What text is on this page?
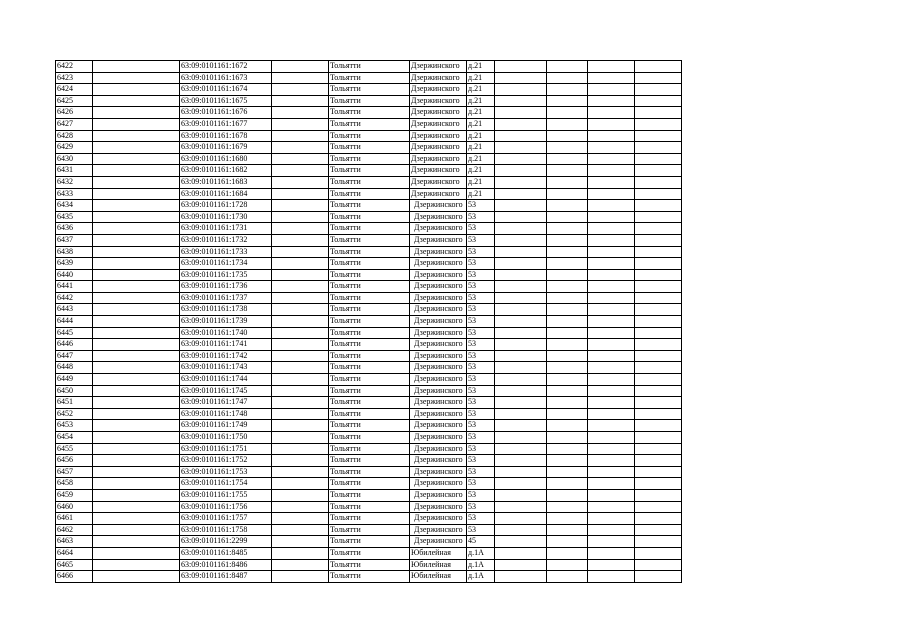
6422		63:09:0101161:1672		Тольятти	Дзержинского	д.21				
6423		63:09:0101161:1673		Тольятти	Дзержинского	д.21				
6424		63:09:0101161:1674		Тольятти	Дзержинского	д.21				
6425		63:09:0101161:1675		Тольятти	Дзержинского	д.21				
6426		63:09:0101161:1676		Тольятти	Дзержинского	д.21				
6427		63:09:0101161:1677		Тольятти	Дзержинского	д.21				
6428		63:09:0101161:1678		Тольятти	Дзержинского	д.21				
6429		63:09:0101161:1679		Тольятти	Дзержинского	д.21				
6430		63:09:0101161:1680		Тольятти	Дзержинского	д.21				
6431		63:09:0101161:1682		Тольятти	Дзержинского	д.21				
6432		63:09:0101161:1683		Тольятти	Дзержинского	д.21				
6433		63:09:0101161:1684		Тольятти	Дзержинского	д.21				
6434		63:09:0101161:1728		Тольятти	Дзержинского	53				
6435		63:09:0101161:1730		Тольятти	Дзержинского	53				
6436		63:09:0101161:1731		Тольятти	Дзержинского	53				
6437		63:09:0101161:1732		Тольятти	Дзержинского	53				
6438		63:09:0101161:1733		Тольятти	Дзержинского	53				
6439		63:09:0101161:1734		Тольятти	Дзержинского	53				
6440		63:09:0101161:1735		Тольятти	Дзержинского	53				
6441		63:09:0101161:1736		Тольятти	Дзержинского	53				
6442		63:09:0101161:1737		Тольятти	Дзержинского	53				
6443		63:09:0101161:1738		Тольятти	Дзержинского	53				
6444		63:09:0101161:1739		Тольятти	Дзержинского	53				
6445		63:09:0101161:1740		Тольятти	Дзержинского	53				
6446		63:09:0101161:1741		Тольятти	Дзержинского	53				
6447		63:09:0101161:1742		Тольятти	Дзержинского	53				
6448		63:09:0101161:1743		Тольятти	Дзержинского	53				
6449		63:09:0101161:1744		Тольятти	Дзержинского	53				
6450		63:09:0101161:1745		Тольятти	Дзержинского	53				
6451		63:09:0101161:1747		Тольятти	Дзержинского	53				
6452		63:09:0101161:1748		Тольятти	Дзержинского	53				
6453		63:09:0101161:1749		Тольятти	Дзержинского	53				
6454		63:09:0101161:1750		Тольятти	Дзержинского	53				
6455		63:09:0101161:1751		Тольятти	Дзержинского	53				
6456		63:09:0101161:1752		Тольятти	Дзержинского	53				
6457		63:09:0101161:1753		Тольятти	Дзержинского	53				
6458		63:09:0101161:1754		Тольятти	Дзержинского	53				
6459		63:09:0101161:1755		Тольятти	Дзержинского	53				
6460		63:09:0101161:1756		Тольятти	Дзержинского	53				
6461		63:09:0101161:1757		Тольятти	Дзержинского	53				
6462		63:09:0101161:1758		Тольятти	Дзержинского	53				
6463		63:09:0101161:2299		Тольятти	Дзержинского	45				
6464		63:09:0101161:8485		Тольятти	Юбилейная	д.1А				
6465		63:09:0101161:8486		Тольятти	Юбилейная	д.1А				
6466		63:09:0101161:8487		Тольятти	Юбилейная	д.1А				
